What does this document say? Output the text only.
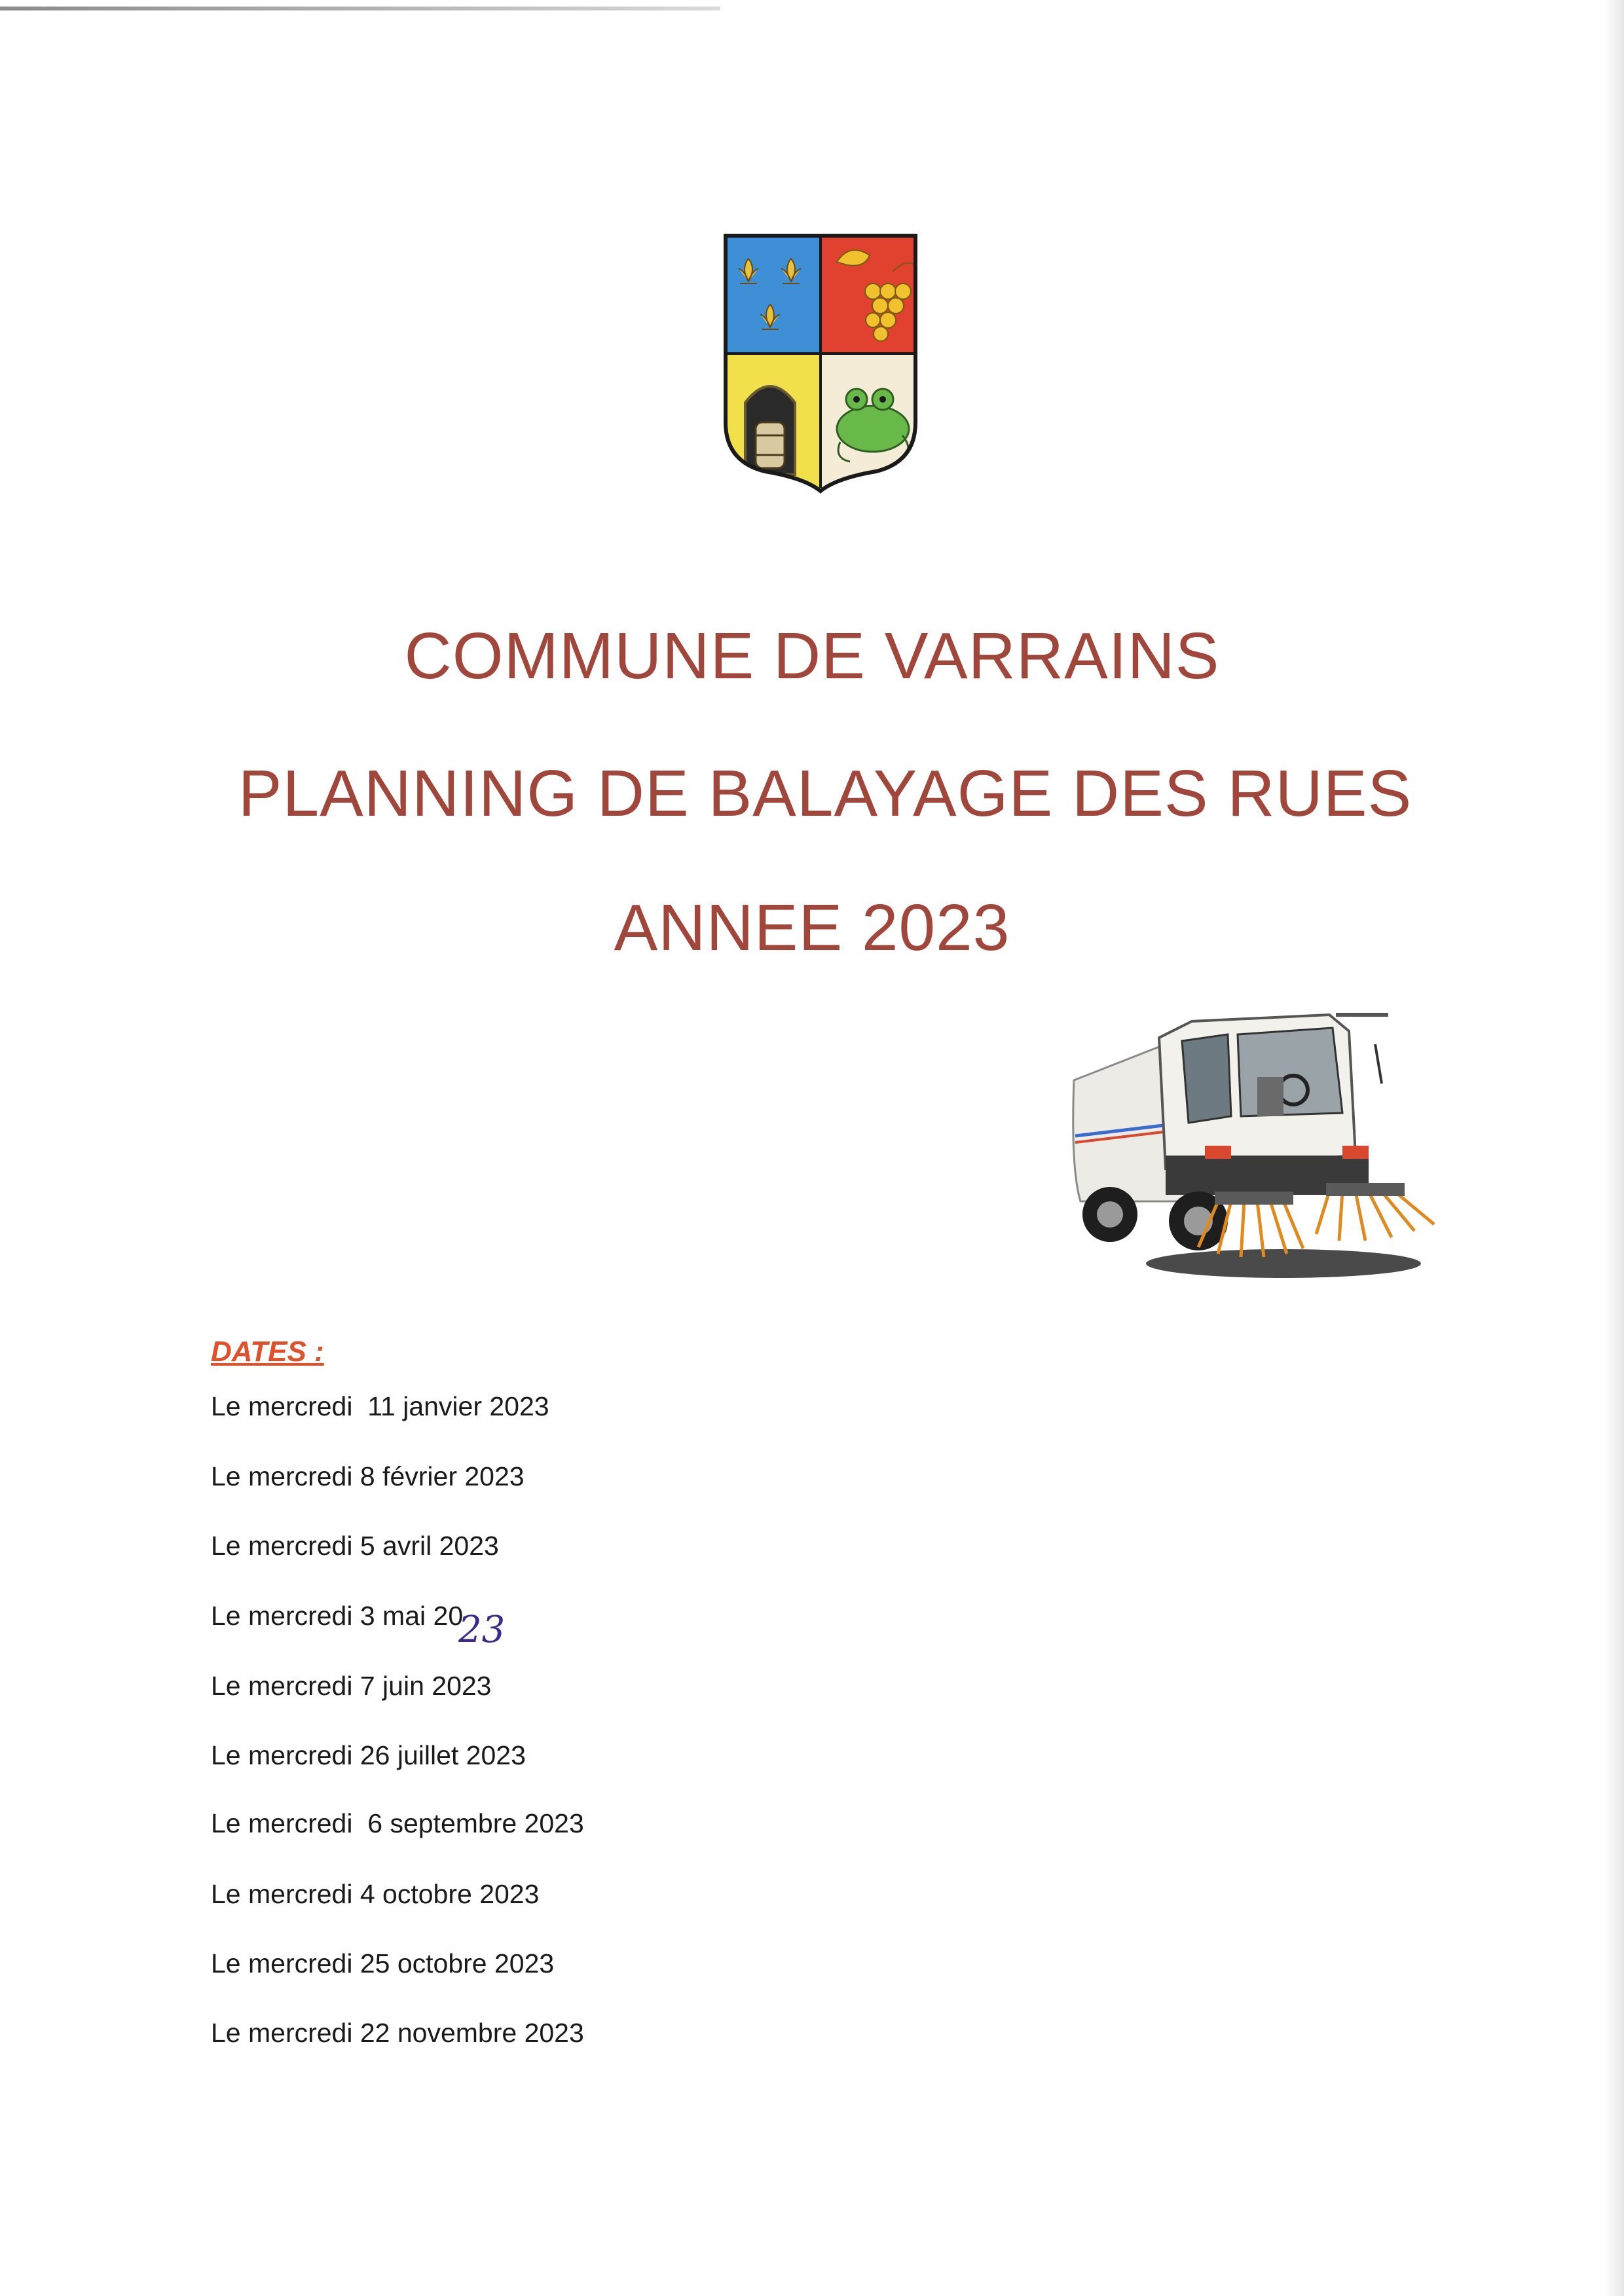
COMMUNE DE VARRAINS
PLANNING DE BALAYAGE DES RUES
ANNEE 2023
DATES :
Le mercredi  11 janvier 2023
Le mercredi 8 février 2023
Le mercredi 5 avril 2023
Le mercredi 3 mai 20
Le mercredi 7 juin 2023
Le mercredi 26 juillet 2023
Le mercredi  6 septembre 2023
Le mercredi 4 octobre 2023
Le mercredi 25 octobre 2023
Le mercredi 22 novembre 2023
23
